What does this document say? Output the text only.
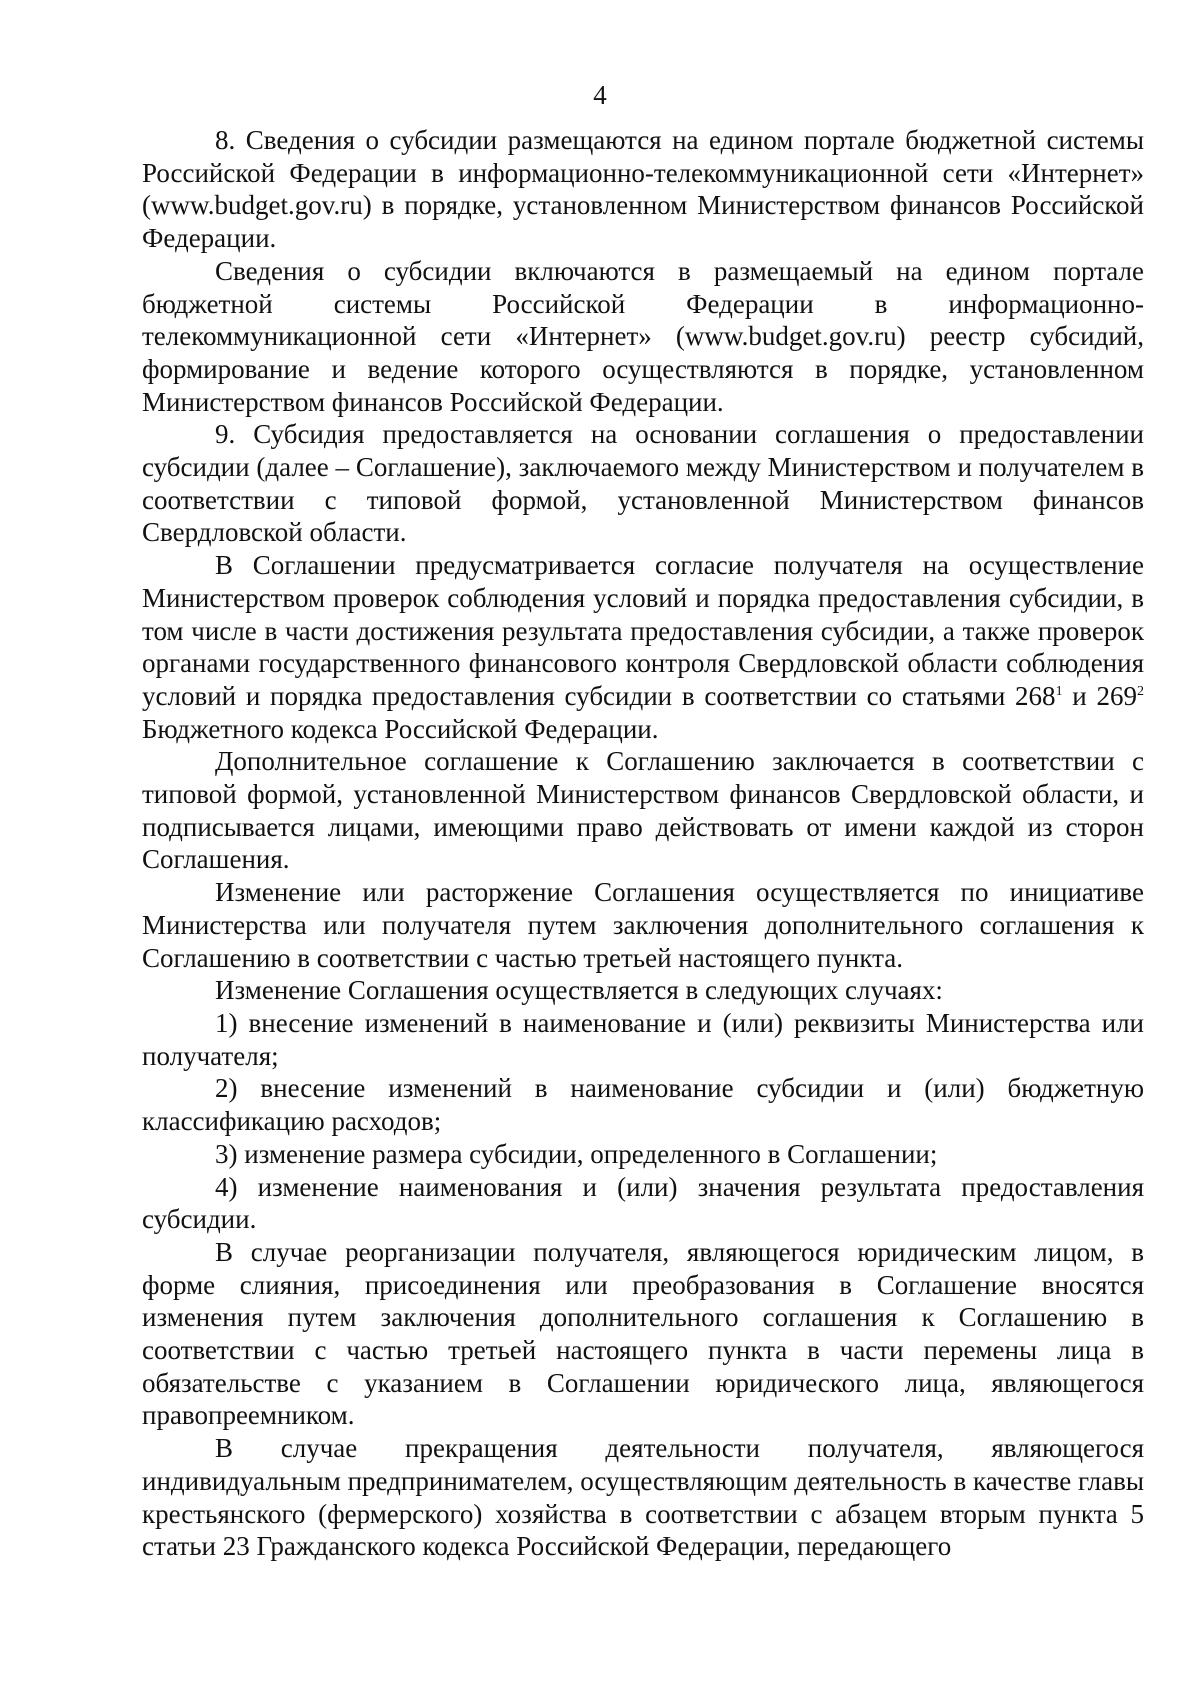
4

8. Сведения о субсидии размещаются на едином портале бюджетной системы Российской Федерации в информационно-телекоммуникационной сети «Интернет» (www.budget.gov.ru) в порядке, установленном Министерством финансов Российской Федерации.

Сведения о субсидии включаются в размещаемый на едином портале бюджетной системы Российской Федерации в информационно-телекоммуникационной сети «Интернет» (www.budget.gov.ru) реестр субсидий, формирование и ведение которого осуществляются в порядке, установленном Министерством финансов Российской Федерации.

9. Субсидия предоставляется на основании соглашения о предоставлении субсидии (далее – Соглашение), заключаемого между Министерством и получателем в соответствии с типовой формой, установленной Министерством финансов Свердловской области.

В Соглашении предусматривается согласие получателя на осуществление Министерством проверок соблюдения условий и порядка предоставления субсидии, в том числе в части достижения результата предоставления субсидии, а также проверок органами государственного финансового контроля Свердловской области соблюдения условий и порядка предоставления субсидии в соответствии со статьями $268^1$ и $269^2$ Бюджетного кодекса Российской Федерации.

Дополнительное соглашение к Соглашению заключается в соответствии с типовой формой, установленной Министерством финансов Свердловской области, и подписывается лицами, имеющими право действовать от имени каждой из сторон Соглашения.

Изменение или расторжение Соглашения осуществляется по инициативе Министерства или получателя путем заключения дополнительного соглашения к Соглашению в соответствии с частью третьей настоящего пункта.

Изменение Соглашения осуществляется в следующих случаях:

1) внесение изменений в наименование и (или) реквизиты Министерства или получателя;

2) внесение изменений в наименование субсидии и (или) бюджетную классификацию расходов;

3) изменение размера субсидии, определенного в Соглашении;

4) изменение наименования и (или) значения результата предоставления субсидии.

В случае реорганизации получателя, являющегося юридическим лицом, в форме слияния, присоединения или преобразования в Соглашение вносятся изменения путем заключения дополнительного соглашения к Соглашению в соответствии с частью третьей настоящего пункта в части перемены лица в обязательстве с указанием в Соглашении юридического лица, являющегося правопреемником.

В случае прекращения деятельности получателя, являющегося индивидуальным предпринимателем, осуществляющим деятельность в качестве главы крестьянского (фермерского) хозяйства в соответствии с абзацем вторым пункта 5 статьи 23 Гражданского кодекса Российской Федерации, передающего
